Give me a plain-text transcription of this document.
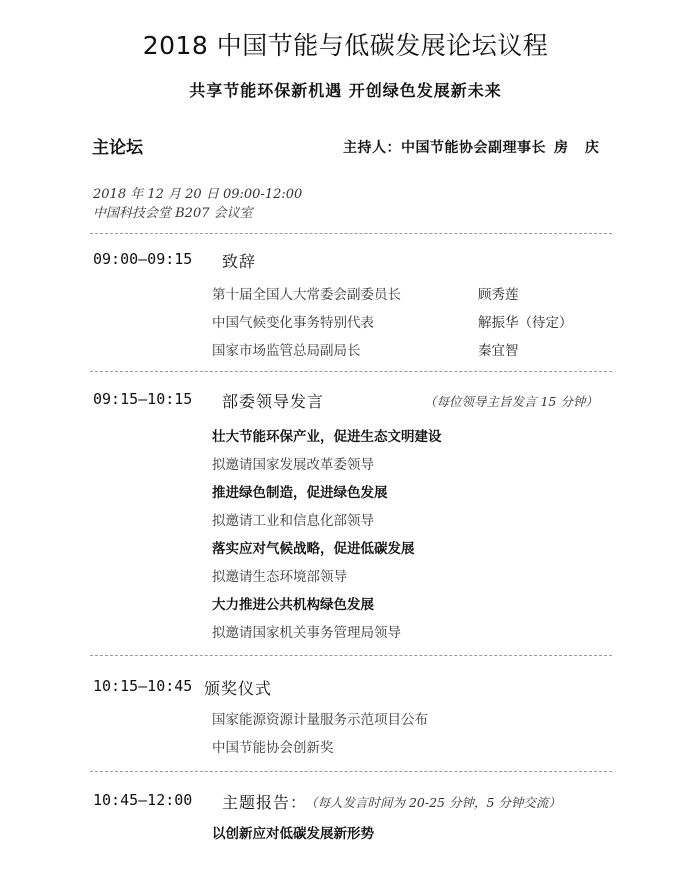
2018 中国节能与低碳发展论坛议程
共享节能环保新机遇 开创绿色发展新未来
主论坛	主持人：中国节能协会副理事长 房 庆
2018 年 12 月 20 日 09:00-12:00
中国科技会堂 B207 会议室
09:00—09:15 致辞
第十届全国人大常委会副委员长	顾秀莲
中国气候变化事务特别代表	解振华（待定）
国家市场监管总局副局长	秦宜智
09:15—10:15 部委领导发言	（每位领导主旨发言 15 分钟）
壮大节能环保产业，促进生态文明建设
拟邀请国家发展改革委领导
推进绿色制造，促进绿色发展
拟邀请工业和信息化部领导
落实应对气候战略，促进低碳发展
拟邀请生态环境部领导
大力推进公共机构绿色发展
拟邀请国家机关事务管理局领导
10:15—10:45 颁奖仪式
国家能源资源计量服务示范项目公布
中国节能协会创新奖
10:45—12:00 主题报告：
（每人发言时间为 20-25 分钟，5 分钟交流）
以创新应对低碳发展新形势
